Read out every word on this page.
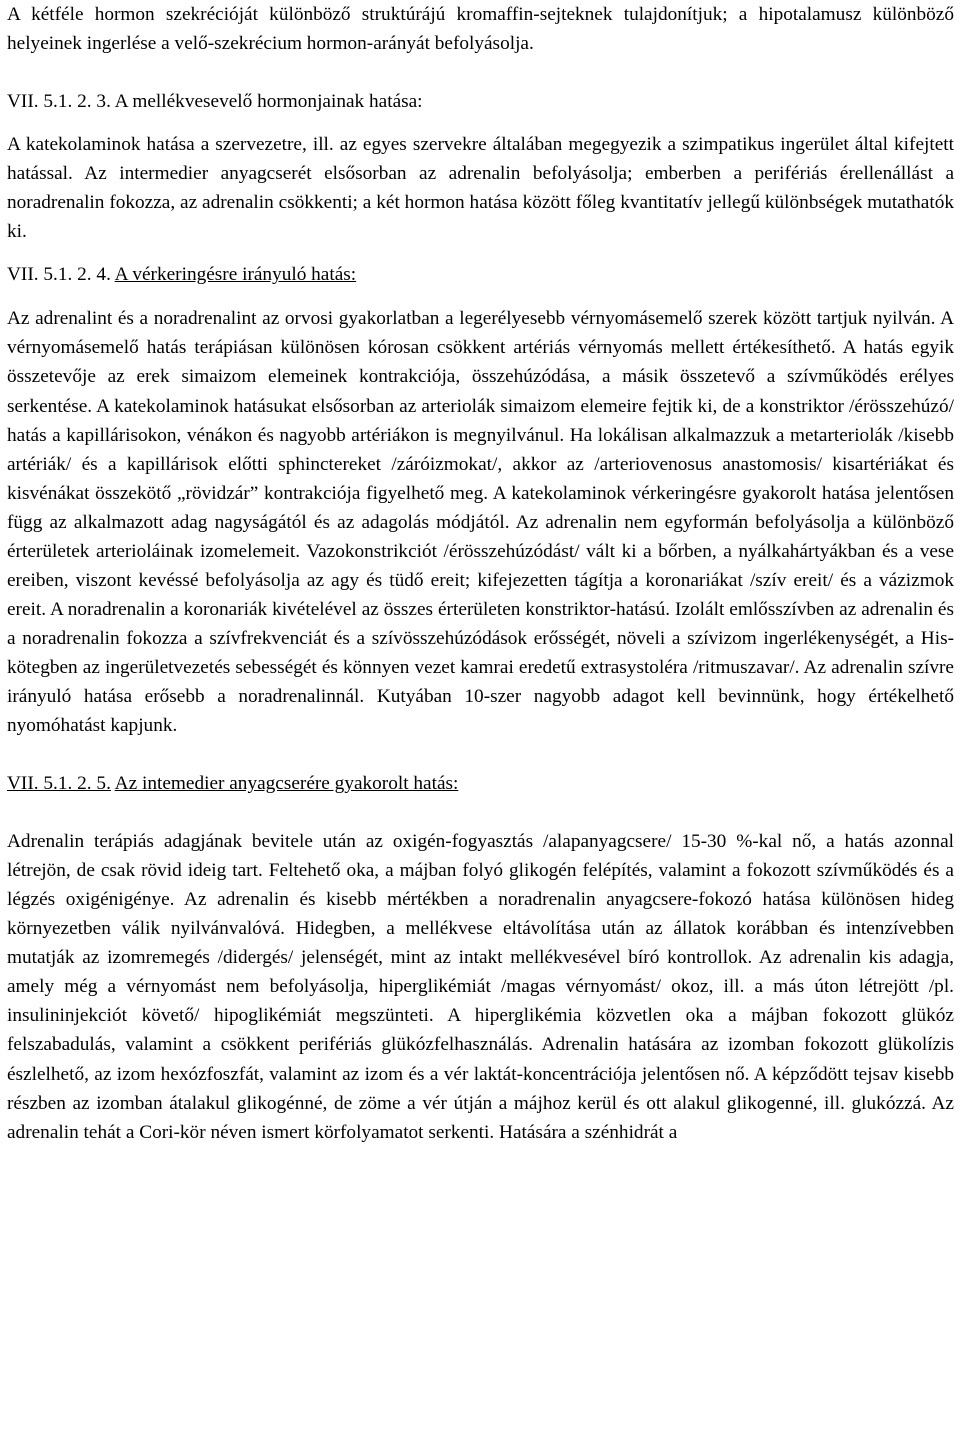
A kétféle hormon szekrécióját különböző struktúrájú kromaffin-sejteknek tulajdonítjuk; a hipotalamusz különböző helyeinek ingerlése a velő-szekrécium hormon-arányát befolyásolja.

VII. 5.1. 2. 3. A mellékvesevelő hormonjainak hatása:

A katekolaminok hatása a szervezetre, ill. az egyes szervekre általában megegyezik a szimpatikus ingerület által kifejtett hatással. Az intermedier anyagcserét elsősorban az adrenalin befolyásolja; emberben a perifériás érellenállást a noradrenalin fokozza, az adrenalin csökkenti; a két hormon hatása között főleg kvantitatív jellegű különbségek mutathatók ki.

VII. 5.1. 2. 4. A vérkeringésre irányuló hatás:

Az adrenalint és a noradrenalint az orvosi gyakorlatban a legerélyesebb vérnyomásemelő szerek között tartjuk nyilván. A vérnyomásemelő hatás terápiásan különösen kórosan csökkent artériás vérnyomás mellett értékesíthető. A hatás egyik összetevője az erek simaizom elemeinek kontrakciója, összehúzódása, a másik összetevő a szívműködés erélyes serkentése. A katekolaminok hatásukat elsősorban az arteriolák simaizom elemeire fejtik ki, de a konstriktor /érösszehúzó/ hatás a kapillárisokon, vénákon és nagyobb artériákon is megnyilvánul. Ha lokálisan alkalmazzuk a metarteriolák /kisebb artériák/ és a kapillárisok előtti sphinctereket /záróizmokat/, akkor az /arteriovenosus anastomosis/ kisartériákat és kisvénákat összekötő „rövidzár” kontrakciója figyelhető meg. A katekolaminok vérkeringésre gyakorolt hatása jelentősen függ az alkalmazott adag nagyságától és az adagolás módjától. Az adrenalin nem egyformán befolyásolja a különböző érterületek arterioláinak izomelemeit. Vazokonstrikciót /érösszehúzódást/ vált ki a bőrben, a nyálkahártyákban és a vese ereiben, viszont kevéssé befolyásolja az agy és tüdő ereit; kifejezetten tágítja a koronariákat /szív ereit/ és a vázizmok ereit. A noradrenalin a koronariák kivételével az összes érterületen konstriktor-hatású. Izolált emlősszívben az adrenalin és a noradrenalin fokozza a szívfrekvenciát és a szívösszehúzódások erősségét, növeli a szívizom ingerlékenységét, a His-kötegben az ingerületvezetés sebességét és könnyen vezet kamrai eredetű extrasystoléra /ritmuszavar/. Az adrenalin szívre irányuló hatása erősebb a noradrenalinnál. Kutyában 10-szer nagyobb adagot kell bevinnünk, hogy értékelhető nyomóhatást kapjunk.

VII. 5.1. 2. 5. Az intemedier anyagcserére gyakorolt hatás:

Adrenalin terápiás adagjának bevitele után az oxigén-fogyasztás /alapanyagcsere/ 15-30 %-kal nő, a hatás azonnal létrejön, de csak rövid ideig tart. Feltehető oka, a májban folyó glikogén felépítés, valamint a fokozott szívműködés és a légzés oxigénigénye. Az adrenalin és kisebb mértékben a noradrenalin anyagcsere-fokozó hatása különösen hideg környezetben válik nyilvánvalóvá. Hidegben, a mellékvese eltávolítása után az állatok korábban és intenzívebben mutatják az izomremegés /didergés/ jelenségét, mint az intakt mellékvesével bíró kontrollok. Az adrenalin kis adagja, amely még a vérnyomást nem befolyásolja, hiperglikémiát /magas vérnyomást/ okoz, ill. a más úton létrejött /pl. insulininjekciót követő/ hipoglikémiát megszünteti. A hiperglikémia közvetlen oka a májban fokozott glükóz felszabadulás, valamint a csökkent perifériás glükózfelhasználás. Adrenalin hatására az izomban fokozott glükolízis észlelhető, az izom hexózfoszfát, valamint az izom és a vér laktát-koncentrációja jelentősen nő. A képződött tejsav kisebb részben az izomban átalakul glikogénné, de zöme a vér útján a májhoz kerül és ott alakul glikogenné, ill. glukózzá. Az adrenalin tehát a Cori-kör néven ismert körfolyamatot serkenti. Hatására a szénhidrát a
